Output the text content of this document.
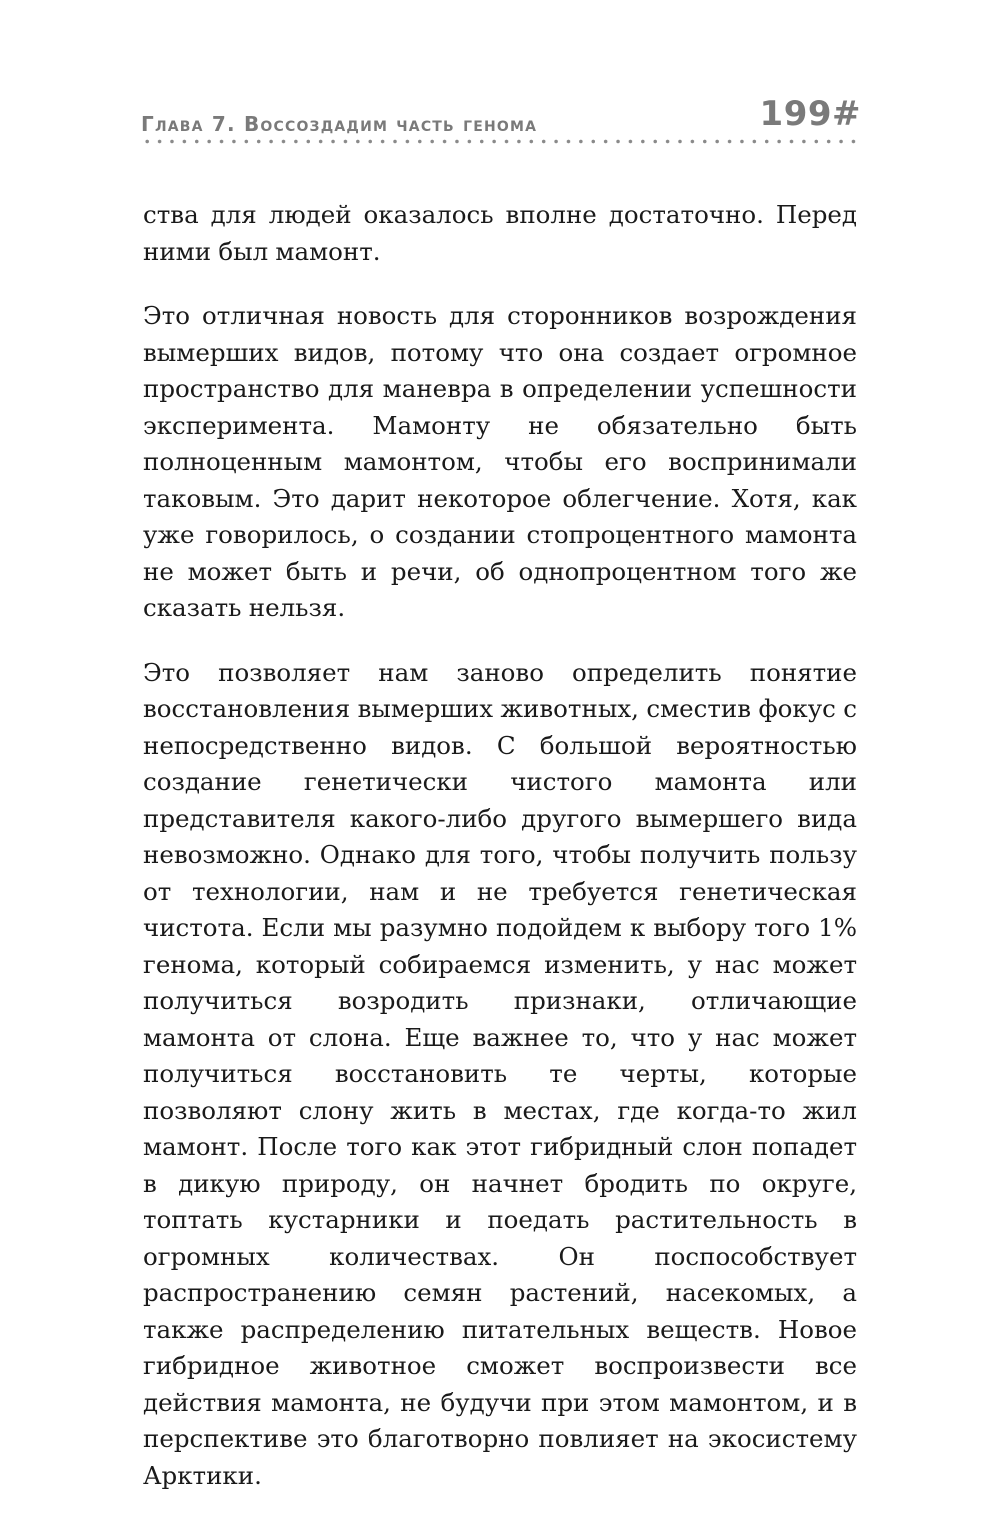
Глава 7. Воссоздадим часть генома	199#

ства для людей оказалось вполне достаточно. Перед ними был мамонт.

Это отличная новость для сторонников возрождения вымерших видов, потому что она создает огромное пространство для маневра в определении успешности эксперимента. Мамонту не обязательно быть полноценным мамонтом, чтобы его воспринимали таковым. Это дарит некоторое облегчение. Хотя, как уже говорилось, о создании стопроцентного мамонта не может быть и речи, об однопроцентном того же сказать нельзя.

Это позволяет нам заново определить понятие восстановления вымерших животных, сместив фокус с непосредственно видов. С большой вероятностью создание генетически чистого мамонта или представителя какого-либо другого вымершего вида невозможно. Однако для того, чтобы получить пользу от технологии, нам и не требуется генетическая чистота. Если мы разумно подойдем к выбору того 1% генома, который собираемся изменить, у нас может получиться возродить признаки, отличающие мамонта от слона. Еще важнее то, что у нас может получиться восстановить те черты, которые позволяют слону жить в местах, где когда-то жил мамонт. После того как этот гибридный слон попадет в дикую природу, он начнет бродить по округе, топтать кустарники и поедать растительность в огромных количествах. Он поспособствует распространению семян растений, насекомых, а также распределению питательных веществ. Новое гибридное животное сможет воспроизвести все действия мамонта, не будучи при этом мамонтом, и в перспективе это благотворно повлияет на экосистему Арктики.
